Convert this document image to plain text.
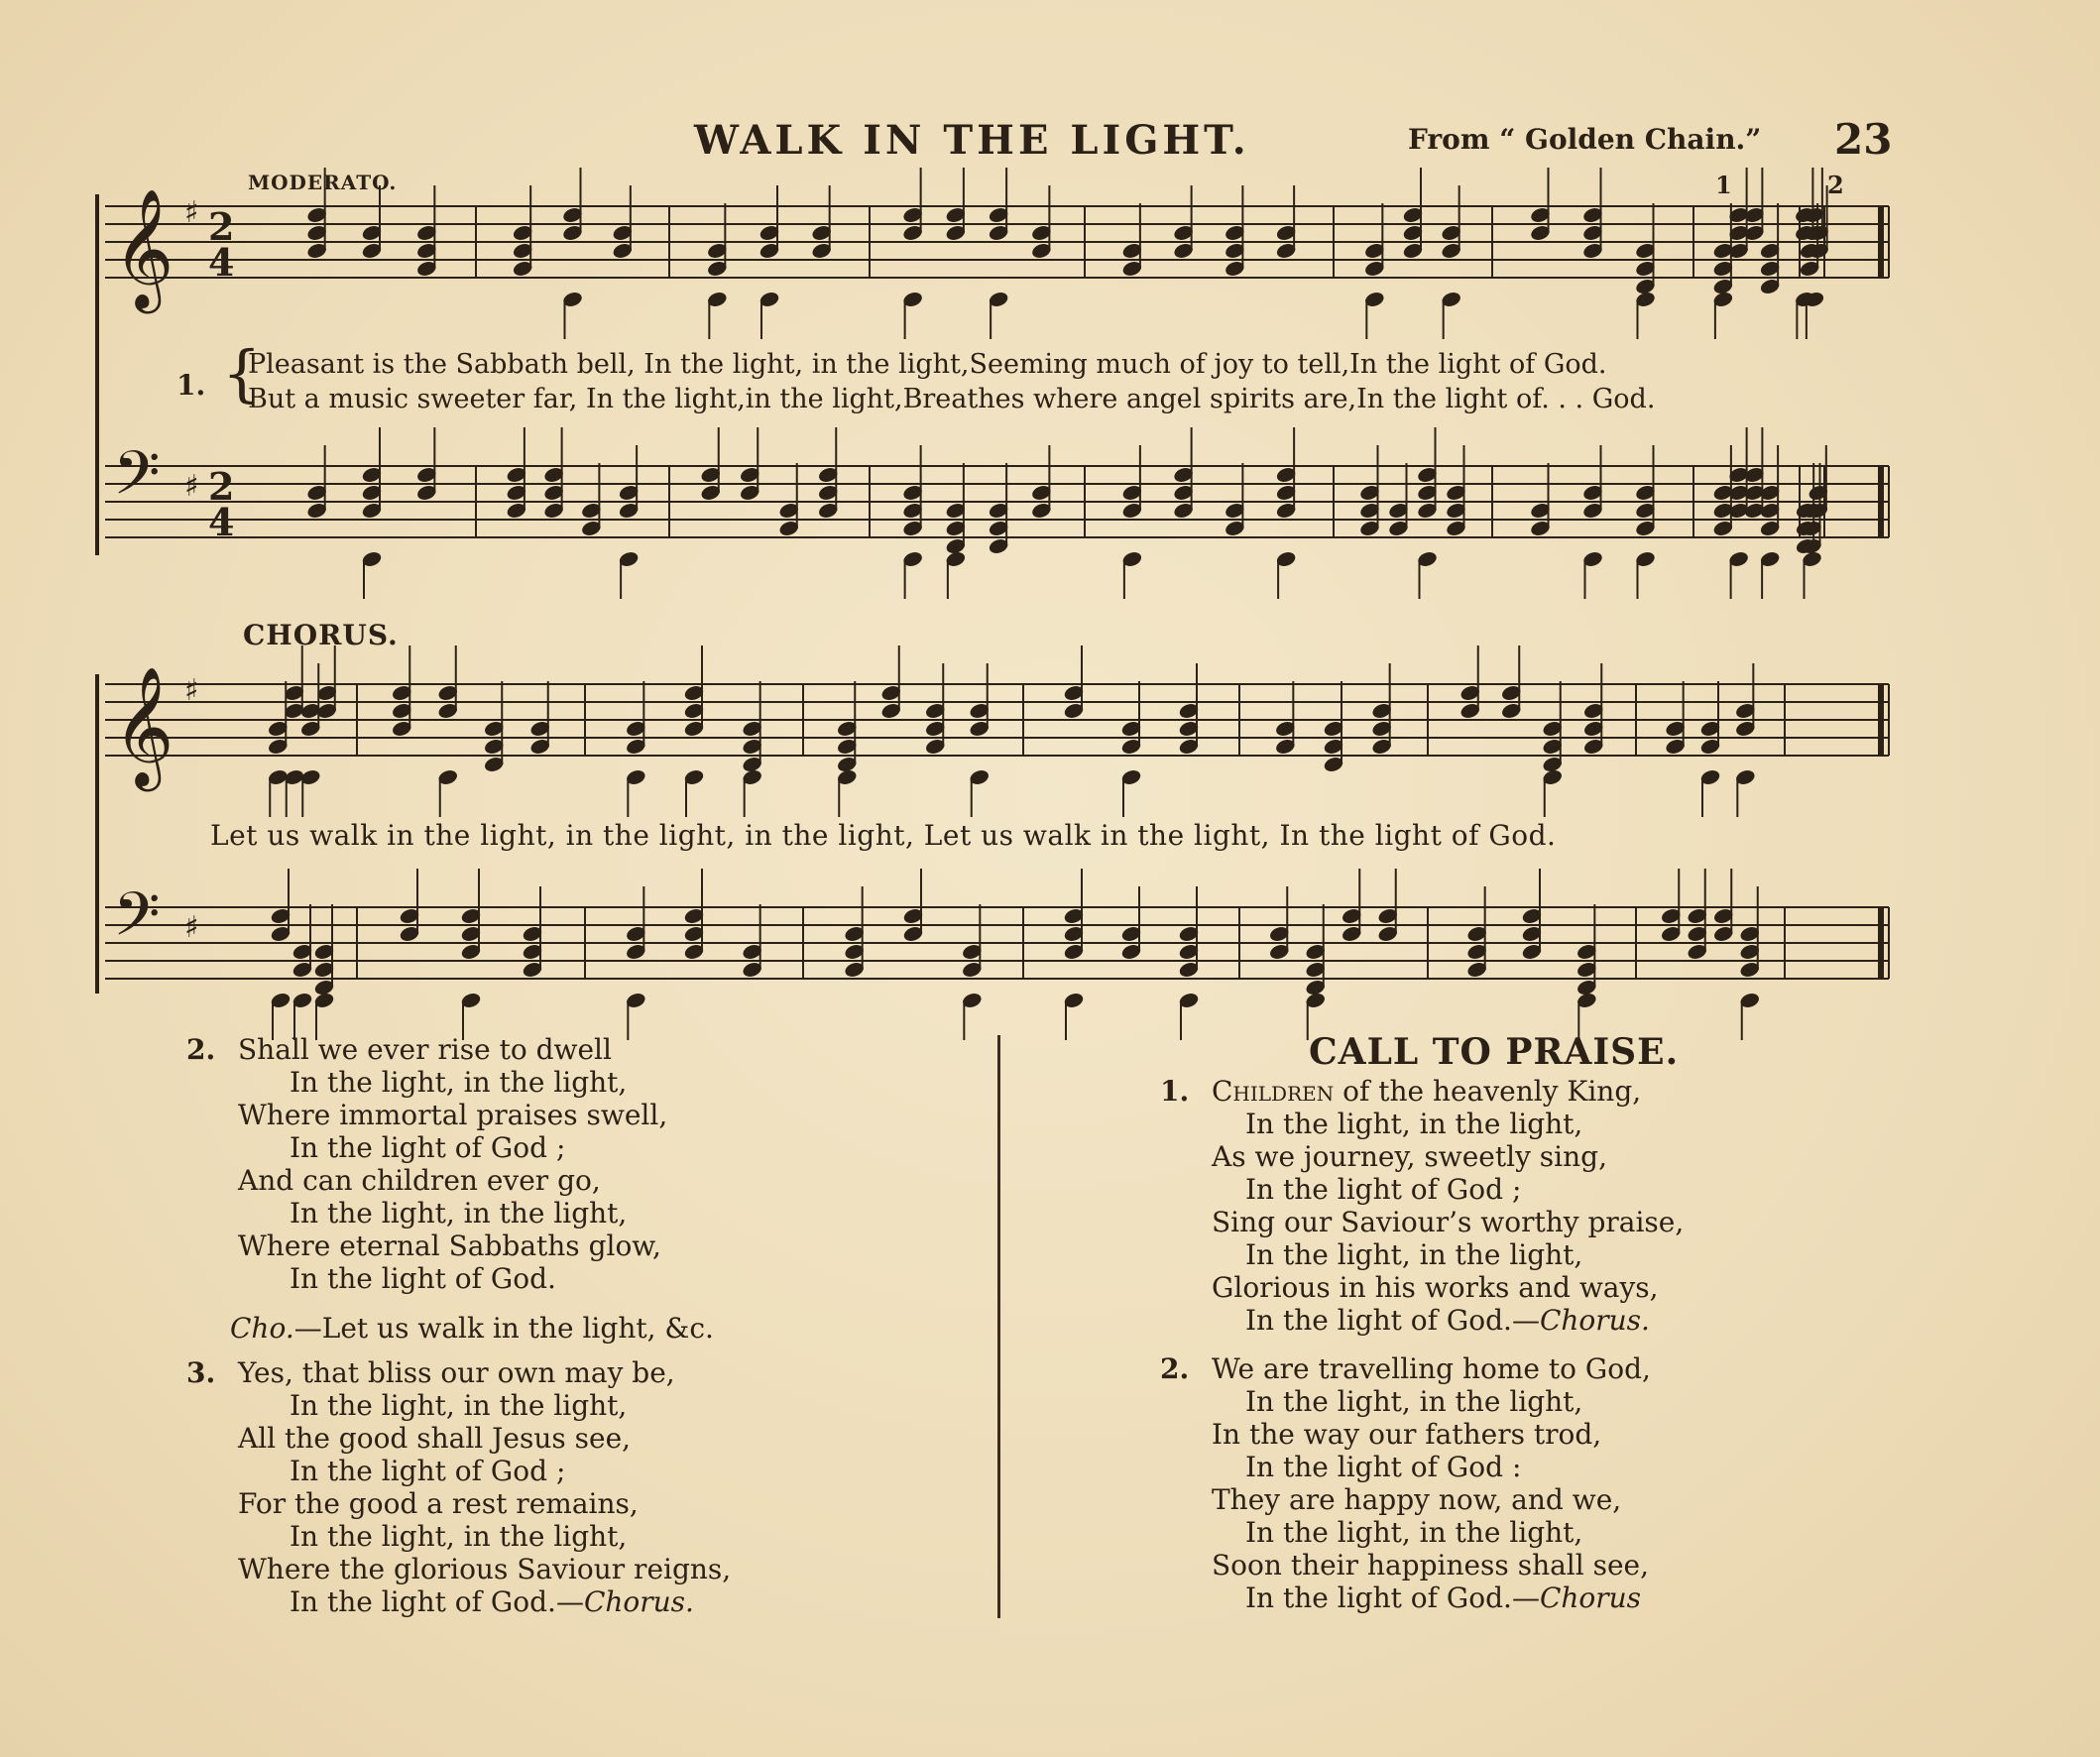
WALK IN THE LIGHT.	From “ Golden Chain.” 23
MODERATO.	1	2
𝄞 2
4
♯
𝄢 2
4
♯
𝄞 ♯
𝄢 ♯
1. {
Pleasant is the Sabbath bell, In the light, in the light,Seeming much of joy to tell,In the light of God.
But a music sweeter far, In the light,in the light,Breathes where angel spirits are,In the light of. . . God.
CHORUS.
Let us walk in the light, in the light, in the light, Let us walk in the light, In the light of God.
2. Shall we ever rise to dwell
In the light, in the light,
Where immortal praises swell,
In the light of God ;
And can children ever go,
In the light, in the light,
Where eternal Sabbaths glow,
In the light of God.
Cho.—Let us walk in the light, &c.
3. Yes, that bliss our own may be,
In the light, in the light,
All the good shall Jesus see,
In the light of God ;
For the good a rest remains,
In the light, in the light,
Where the glorious Saviour reigns,
In the light of God.—Chorus.
CALL TO PRAISE.
1. Children of the heavenly King,
In the light, in the light,
As we journey, sweetly sing,
In the light of God ;
Sing our Saviour’s worthy praise,
In the light, in the light,
Glorious in his works and ways,
In the light of God.—Chorus.
2. We are travelling home to God,
In the light, in the light,
In the way our fathers trod,
In the light of God :
They are happy now, and we,
In the light, in the light,
Soon their happiness shall see,
In the light of God.—Chorus
